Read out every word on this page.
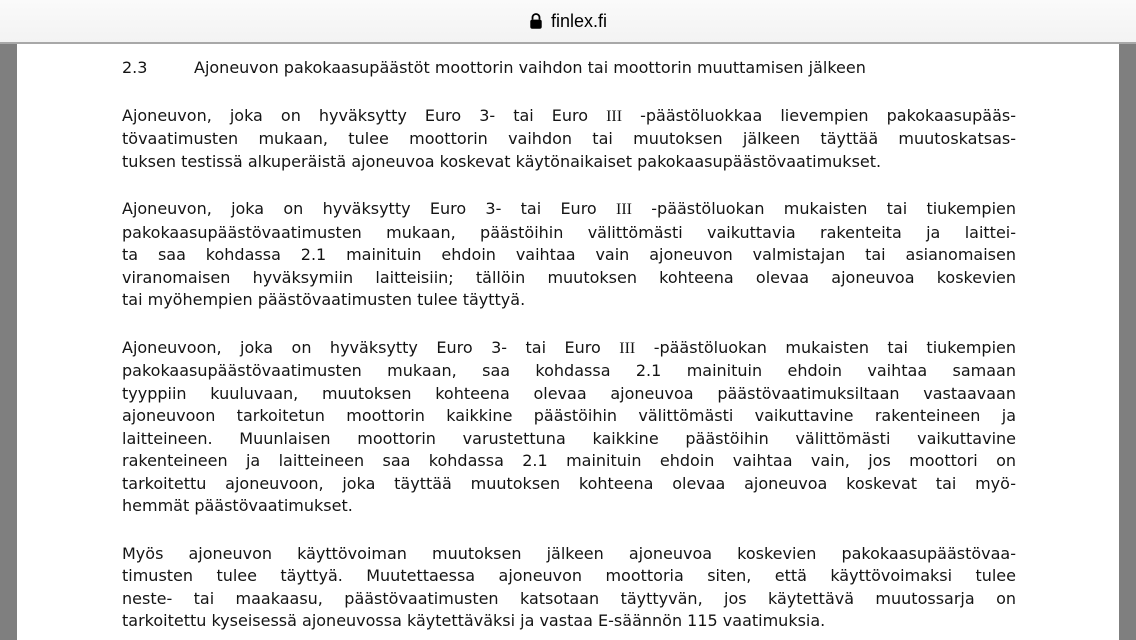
finlex.fi
2.3	Ajoneuvon pakokaasupäästöt moottorin vaihdon tai moottorin muuttamisen jälkeen

Ajoneuvon, joka on hyväksytty Euro 3- tai Euro III -päästöluokkaa lievempien pakokaasupääs-
tövaatimusten mukaan, tulee moottorin vaihdon tai muutoksen jälkeen täyttää muutoskatsas-
tuksen testissä alkuperäistä ajoneuvoa koskevat käytönaikaiset pakokaasupäästövaatimukset.

Ajoneuvon, joka on hyväksytty Euro 3- tai Euro III -päästöluokan mukaisten tai tiukempien
pakokaasupäästövaatimusten mukaan, päästöihin välittömästi vaikuttavia rakenteita ja laittei-
ta saa kohdassa 2.1 mainituin ehdoin vaihtaa vain ajoneuvon valmistajan tai asianomaisen
viranomaisen hyväksymiin laitteisiin; tällöin muutoksen kohteena olevaa ajoneuvoa koskevien
tai myöhempien päästövaatimusten tulee täyttyä.

Ajoneuvoon, joka on hyväksytty Euro 3- tai Euro III -päästöluokan mukaisten tai tiukempien
pakokaasupäästövaatimusten mukaan, saa kohdassa 2.1 mainituin ehdoin vaihtaa samaan
tyyppiin kuuluvaan, muutoksen kohteena olevaa ajoneuvoa päästövaatimuksiltaan vastaavaan
ajoneuvoon tarkoitetun moottorin kaikkine päästöihin välittömästi vaikuttavine rakenteineen ja
laitteineen. Muunlaisen moottorin varustettuna kaikkine päästöihin välittömästi vaikuttavine
rakenteineen ja laitteineen saa kohdassa 2.1 mainituin ehdoin vaihtaa vain, jos moottori on
tarkoitettu ajoneuvoon, joka täyttää muutoksen kohteena olevaa ajoneuvoa koskevat tai myö-
hemmät päästövaatimukset.

Myös ajoneuvon käyttövoiman muutoksen jälkeen ajoneuvoa koskevien pakokaasupäästövaa-
timusten tulee täyttyä. Muutettaessa ajoneuvon moottoria siten, että käyttövoimaksi tulee
neste- tai maakaasu, päästövaatimusten katsotaan täyttyvän, jos käytettävä muutossarja on
tarkoitettu kyseisessä ajoneuvossa käytettäväksi ja vastaa E-säännön 115 vaatimuksia.
